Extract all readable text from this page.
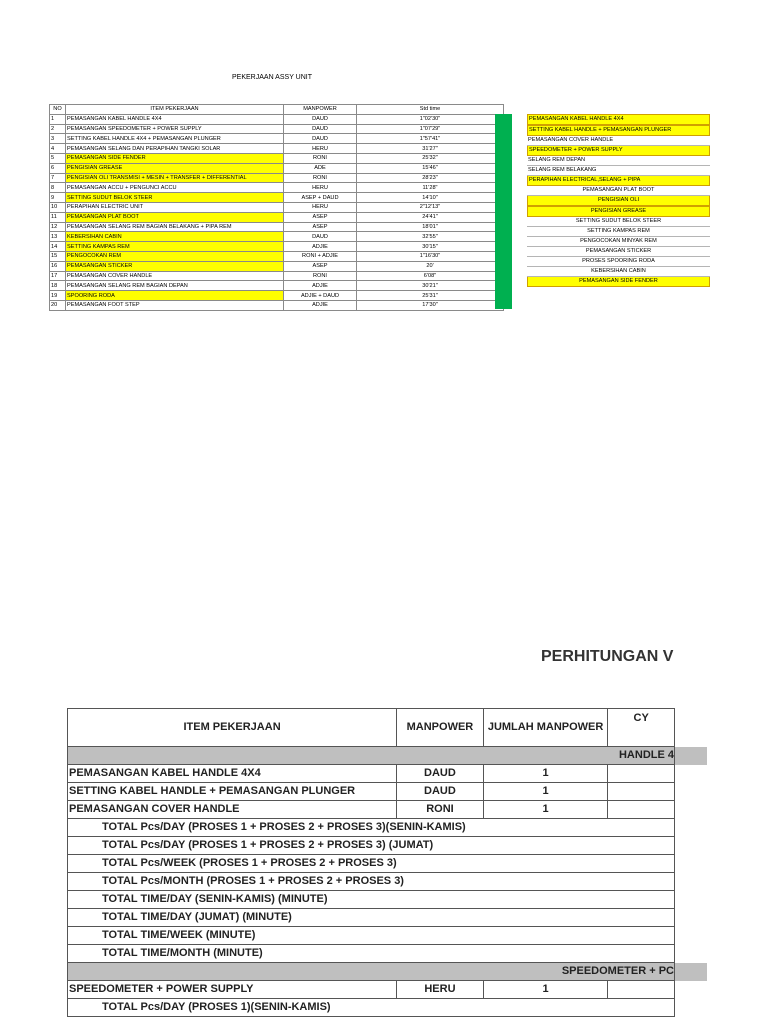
PEKERJAAN ASSY UNIT
NO	ITEM PEKERJAAN	MANPOWER	Std time
1	PEMASANGAN KABEL HANDLE 4X4	DAUD	1"02'30"
2	PEMASANGAN SPEEDOMETER + POWER SUPPLY	DAUD	1"07'29"
3	SETTING KABEL HANDLE 4X4 + PEMASANGAN PLUNGER	DAUD	1"57'41"
4	PEMASANGAN SELANG DAN PERAPIHAN TANGKI SOLAR	HERU	31'27"
5	PEMASANGAN SIDE FENDER	RONI	25'32"
6	PENGISIAN GREASE	ADE	15'46"
7	PENGISIAN OLI TRANSMISI + MESIN + TRANSFER + DIFFERENTIAL	RONI	28'23"
8	PEMASANGAN ACCU + PENGUNCI ACCU	HERU	11'28"
9	SETTING SUDUT BELOK STEER	ASEP + DAUD	14'10"
10	PERAPIHAN ELECTRIC UNIT	HERU	2"12'13"
11	PEMASANGAN PLAT BOOT	ASEP	24'41"
12	PEMASANGAN SELANG REM BAGIAN BELAKANG + PIPA REM	ASEP	18'01"
13	KEBERSIHAN CABIN	DAUD	32'55"
14	SETTING KAMPAS REM	ADJIE	30'15"
15	PENGOCOKAN REM	RONI + ADJIE	1"16'30"
16	PEMASANGAN STICKER	ASEP	20'
17	PEMASANGAN COVER HANDLE	RONI	6'08"
18	PEMASANGAN SELANG REM BAGIAN DEPAN	ADJIE	30'21"
19	SPOORING RODA	ADJIE + DAUD	25'31"
20	PEMASANGAN FOOT STEP	ADJIE	17'30"
PEMASANGAN KABEL HANDLE 4X4
SETTING KABEL HANDLE + PEMASANGAN PLUNGER
PEMASANGAN COVER HANDLE
SPEEDOMETER + POWER SUPPLY
SELANG REM DEPAN
SELANG REM BELAKANG
PERAPIHAN ELECTRICAL,SELANG + PIPA
PEMASANGAN PLAT BOOT
PENGISIAN OLI
PENGISIAN GREASE
SETTING SUDUT BELOK STEER
SETTING KAMPAS REM
PENGOCOKAN MINYAK REM
PEMASANGAN STICKER
PROSES SPOORING RODA
KEBERSIHAN CABIN
PEMASANGAN SIDE FENDER
PERHITUNGAN V
ITEM PEKERJAAN	MANPOWER	JUMLAH MANPOWER	CY
HANDLE 4			
PEMASANGAN KABEL HANDLE 4X4	DAUD	1	
SETTING KABEL HANDLE + PEMASANGAN PLUNGER	DAUD	1	
PEMASANGAN COVER HANDLE	RONI	1	
TOTAL Pcs/DAY (PROSES 1 + PROSES 2 + PROSES 3)(SENIN-KAMIS)			
TOTAL Pcs/DAY (PROSES 1 + PROSES 2 + PROSES 3) (JUMAT)			
TOTAL Pcs/WEEK (PROSES 1 + PROSES 2 + PROSES 3)			
TOTAL Pcs/MONTH (PROSES 1 + PROSES 2 + PROSES 3)			
TOTAL TIME/DAY (SENIN-KAMIS) (MINUTE)			
TOTAL TIME/DAY (JUMAT) (MINUTE)			
TOTAL TIME/WEEK (MINUTE)			
TOTAL TIME/MONTH (MINUTE)			
SPEEDOMETER + PC			
SPEEDOMETER + POWER SUPPLY	HERU	1	
TOTAL Pcs/DAY (PROSES 1)(SENIN-KAMIS)			
